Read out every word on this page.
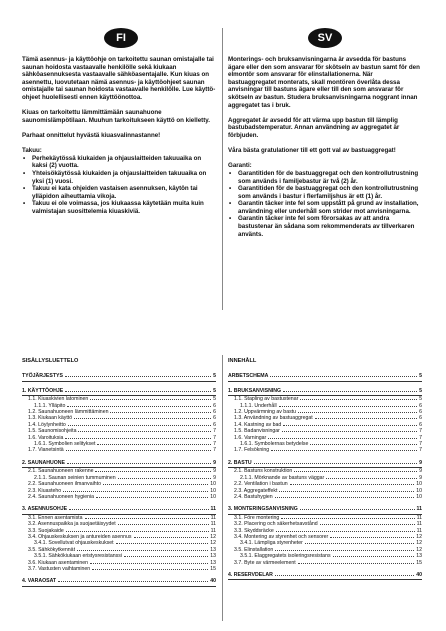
FI	SV

Tämä asennus- ja käyttöohje on tarkoitettu saunan omistajalle tai saunan hoidosta vastaavalle henkilölle sekä kiukaan sähköasennuksesta vastaavalle sähköasentajalle. Kun kiuas on asennettu, luovutetaan nämä asennus- ja käyttöohjeet saunan omistajalle tai saunan hoidosta vastaavalle henkilölle. Lue käyttöohjeet huolellisesti ennen käyttöönottoa.

Kiuas on tarkoitettu lämmittämään saunahuone saunomislämpötilaan. Muuhun tarkoitukseen käyttö on kielletty.

Parhaat onnittelut hyvästä kiuasvalinnastanne!

Takuu:
• Perhekäytössä kiukaiden ja ohjauslaitteiden takuuaika on kaksi (2) vuotta.
• Yhteisökäytössä kiukaiden ja ohjauslaitteiden takuuaika on yksi (1) vuosi.
• Takuu ei kata ohjeiden vastaisen asennuksen, käytön tai ylläpidon aiheuttamia vikoja.
• Takuu ei ole voimassa, jos kiukaassa käytetään muita kuin valmistajan suosittelemia kiuaskiviä.

Monterings- och bruksanvisningarna är avsedda för bastuns ägare eller den som ansvarar för skötseln av bastun samt för den elmontör som ansvarar för elinstallationerna. När bastuaggregatet monterats, skall montören överlåta dessa anvisningar till bastuns ägare eller till den som ansvarar för skötseln av bastun. Studera bruksanvisningarna noggrant innan aggregatet tas i bruk.

Aggregatet är avsedd för att värma upp bastun till lämplig bastubadstemperatur. Annan användning av aggregatet är förbjuden.

Våra bästa gratulationer till ett gott val av bastuaggregat!

Garanti:
• Garantitiden för de bastuaggregat och den kontrollutrustning som används i familjebastur är två (2) år.
• Garantitiden för de bastuaggregat och den kontrollutrustning som används i bastur i flerfamiljshus är ett (1) år.
• Garantin täcker inte fel som uppstått på grund av installation, användning eller underhåll som strider mot anvisningarna.
• Garantin täcker inte fel som förorsakas av att andra bastustenar än sådana som rekommenderats av tillverkaren använts.
SISÄLLYSLUETTELO
TYÖJÄRJESTYS	5
1. KÄYTTÖOHJE	5
1.1. Kiuaskivien latominen	5
1.1.1. Ylläpito	6
1.2. Saunahuoneen lämmittäminen	6
1.3. Kiukaan käyttö	6
1.4. Löylynheitto	6
1.5. Saunomisohjeita	7
1.6. Varoituksia	7
1.6.1. Symbolien selitykset	7
1.7. Vianetsintä	7
2. SAUNAHUONE	9
2.1. Saunahuoneen rakenne	9
2.1.1. Saunan seinien tummuminen	9
2.2. Saunahuoneen ilmanvaihto	10
2.3. Kiuasteho	10
2.4. Saunahuoneen hygienia	10
3. ASENNUSOHJE	11
3.1. Ennen asentamista	11
3.2. Asennuspaikka ja suojaetäisyydet	11
3.3. Suojakaide	11
3.4. Ohjauskeskuksen ja antureiden asennus	12
3.4.1. Sovellutvat ohjauskeskukset	12
3.5. Sähkökytkennät	13
3.5.1. Sähkökiukaan eristysresistanssi	13
3.6. Kiukaan asentaminen	13
3.7. Vastusten vaihtaminen	15
4. VARAOSAT	40
INNEHÅLL
ARBETSCHEMA	5
1. BRUKSANVISNING	5
1.1. Stapling av bastustenar	5
1.1.1. Underhåll	6
1.2. Uppvärmning av bastu	6
1.3. Användning av bastuaggregat	6
1.4. Kastning av bad	6
1.5. Badanvisningar	7
1.6. Varningar	7
1.6.1. Symbolernas betydelse	7
1.7. Felsökning	7
2. BASTU	9
2.1. Bastuns konstruktion	9
2.1.1. Mörknande av bastuns väggar	9
2.2. Ventilation i bastun	10
2.3. Aggregateffekt	10
2.4. Bastuhygien	10
3. MONTERINGSANVISNING	11
3.1. Före montering	11
3.2. Placering och säkerhetsavstånd	11
3.3. Skyddsräcke	11
3.4. Montering av styrenhet och sensorer	12
3.4.1. Lämpliga styrenheter	12
3.5. Elinstallation	12
3.5.1. Elaggregatets isoleringsresistans	13
3.7. Byte av värmeelement	15
4. RESERVDELAR	40
